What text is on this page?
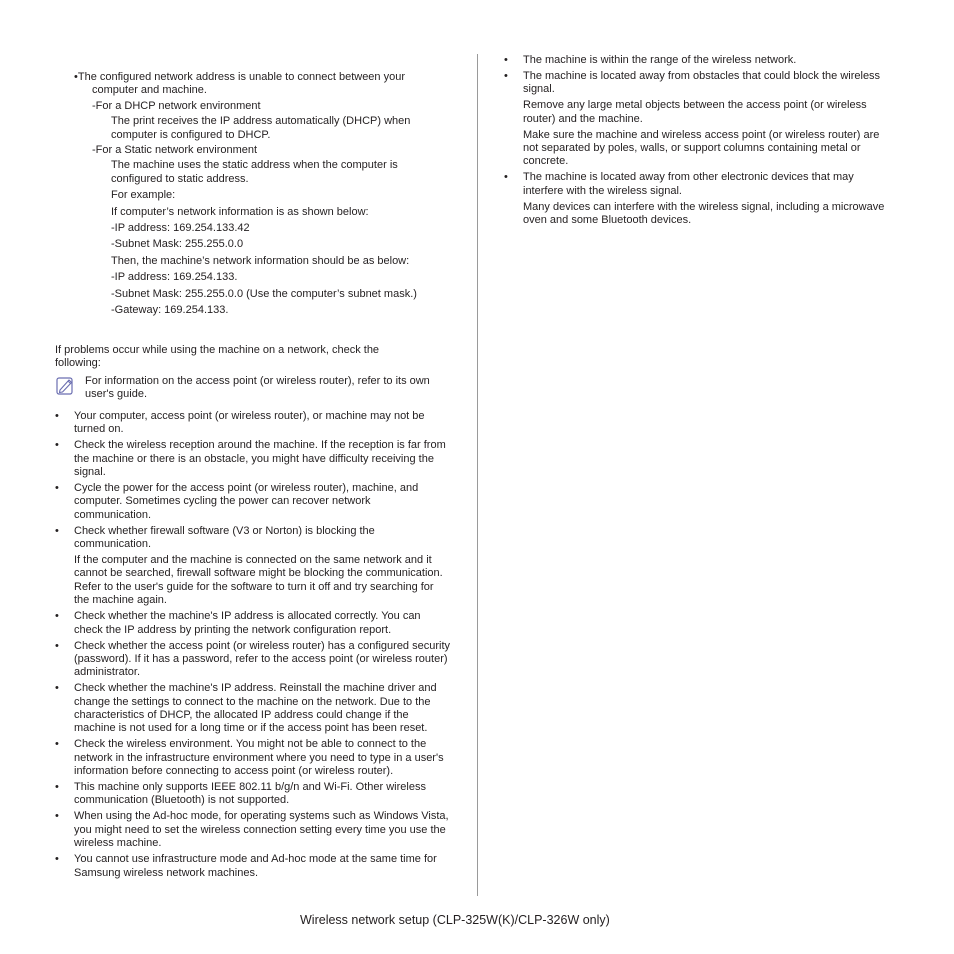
•The configured network address is unable to connect between your computer and machine.

-For a DHCP network environment

The print receives the IP address automatically (DHCP) when computer is configured to DHCP.

-For a Static network environment

The machine uses the static address when the computer is configured to static address.

For example:

If computer’s network information is as shown below:

-IP address: 169.254.133.42

-Subnet Mask: 255.255.0.0

Then, the machine’s network information should be as below:

-IP address: 169.254.133.

-Subnet Mask: 255.255.0.0 (Use the computer’s subnet mask.)

-Gateway: 169.254.133.

If problems occur while using the machine on a network, check the following:

For information on the access point (or wireless router), refer to its own user's guide.

•	Your computer, access point (or wireless router), or machine may not be turned on.

•	Check the wireless reception around the machine. If the reception is far from the machine or there is an obstacle, you might have difficulty receiving the signal.

•	Cycle the power for the access point (or wireless router), machine, and computer. Sometimes cycling the power can recover network communication.

•	Check whether firewall software (V3 or Norton) is blocking the communication.

If the computer and the machine is connected on the same network and it cannot be searched, firewall software might be blocking the communication. Refer to the user's guide for the software to turn it off and try searching for the machine again.

•	Check whether the machine's IP address is allocated correctly. You can check the IP address by printing the network configuration report.

•	Check whether the access point (or wireless router) has a configured security (password). If it has a password, refer to the access point (or wireless router) administrator.

•	Check whether the machine's IP address. Reinstall the machine driver and change the settings to connect to the machine on the network. Due to the characteristics of DHCP, the allocated IP address could change if the machine is not used for a long time or if the access point has been reset.

•	Check the wireless environment. You might not be able to connect to the network in the infrastructure environment where you need to type in a user's information before connecting to access point (or wireless router).

•	This machine only supports IEEE 802.11 b/g/n and Wi-Fi. Other wireless communication (Bluetooth) is not supported.

•	When using the Ad-hoc mode, for operating systems such as Windows Vista, you might need to set the wireless connection setting every time you use the wireless machine.

•	You cannot use infrastructure mode and Ad-hoc mode at the same time for Samsung wireless network machines.

•	The machine is within the range of the wireless network.

•	The machine is located away from obstacles that could block the wireless signal.

Remove any large metal objects between the access point (or wireless router) and the machine.

Make sure the machine and wireless access point (or wireless router) are not separated by poles, walls, or support columns containing metal or concrete.

•	The machine is located away from other electronic devices that may interfere with the wireless signal.

Many devices can interfere with the wireless signal, including a microwave oven and some Bluetooth devices.

Wireless network setup (CLP-325W(K)/CLP-326W only)
